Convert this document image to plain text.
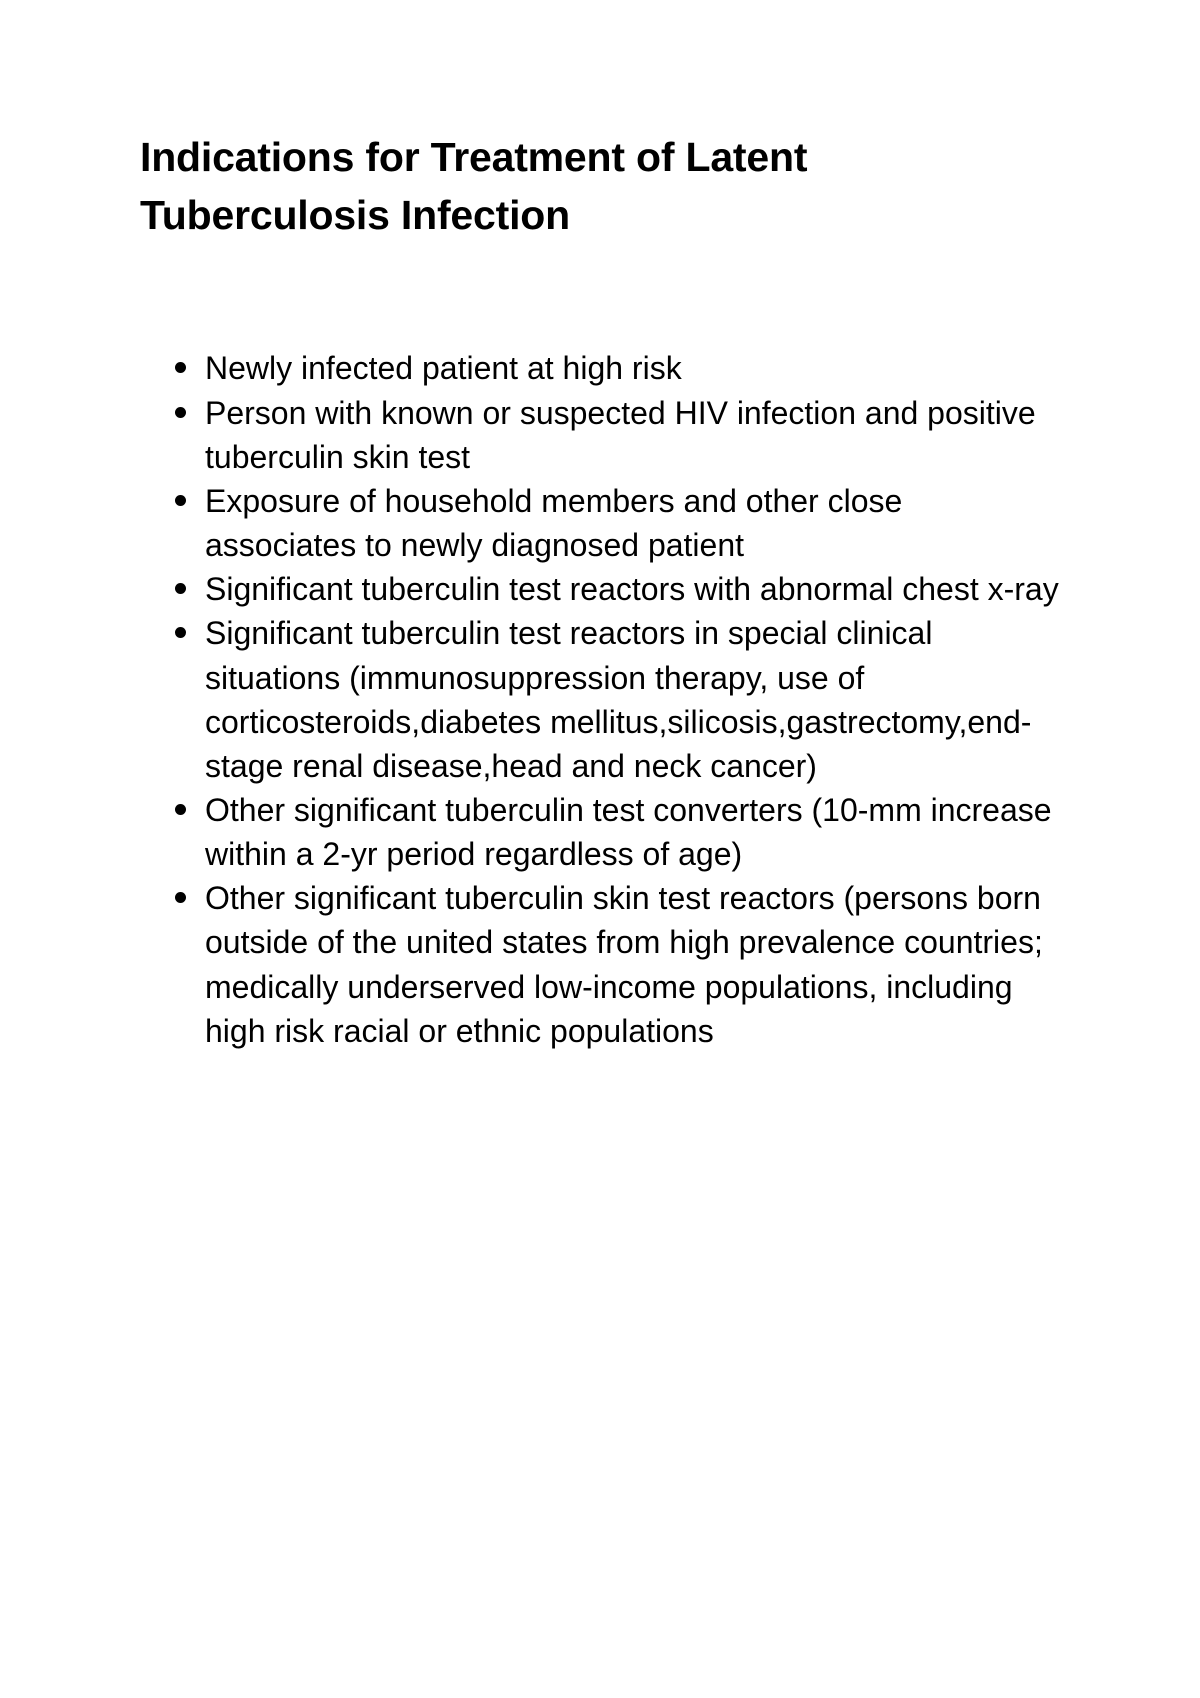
Indications for Treatment of Latent Tuberculosis Infection
Newly infected patient at high risk
Person with known or suspected HIV infection and positive tuberculin skin test
Exposure of household members and other close associates to newly diagnosed patient
Significant tuberculin test reactors with abnormal chest x-ray
Significant tuberculin test reactors in special clinical situations (immunosuppression therapy, use of corticosteroids,diabetes mellitus,silicosis,gastrectomy,end- stage renal disease,head and neck cancer)
Other significant tuberculin test converters (10-mm increase within a 2-yr period regardless of age)
Other significant tuberculin skin test reactors (persons born outside of the united states from high prevalence countries; medically underserved low-income populations, including high risk racial or ethnic populations
